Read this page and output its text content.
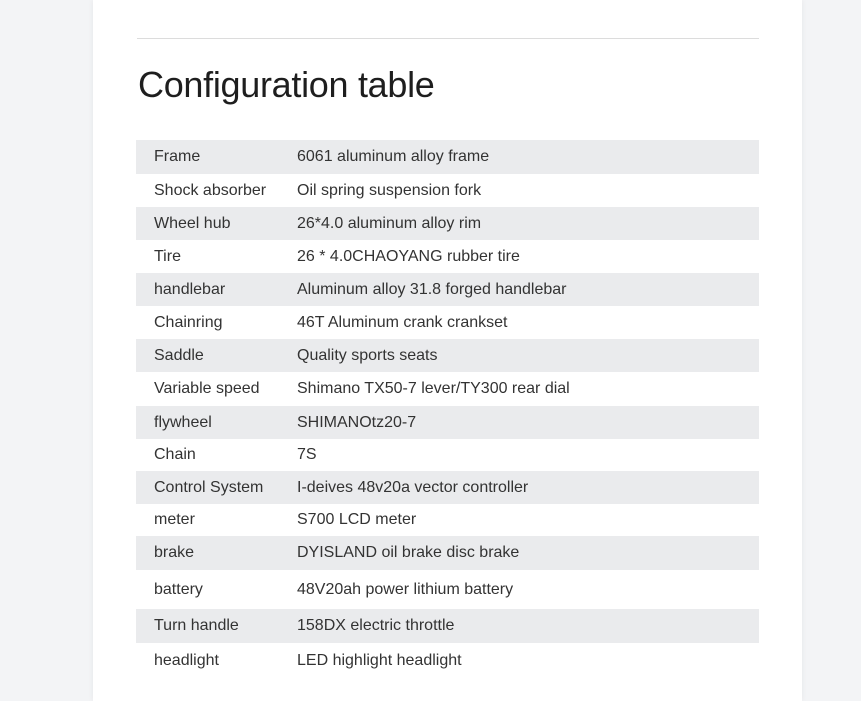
Configuration table
Frame	6061 aluminum alloy frame
Shock absorber	Oil spring suspension fork
Wheel hub	26*4.0 aluminum alloy rim
Tire	26 * 4.0CHAOYANG rubber tire
handlebar	Aluminum alloy 31.8 forged handlebar
Chainring	46T Aluminum crank crankset
Saddle	Quality sports seats
Variable speed	Shimano TX50-7 lever/TY300 rear dial
flywheel	SHIMANOtz20-7
Chain	7S
Control System	I-deives 48v20a vector controller
meter	S700 LCD meter
brake	DYISLAND oil brake disc brake
battery	48V20ah power lithium battery
Turn handle	158DX electric throttle
headlight	LED highlight headlight
